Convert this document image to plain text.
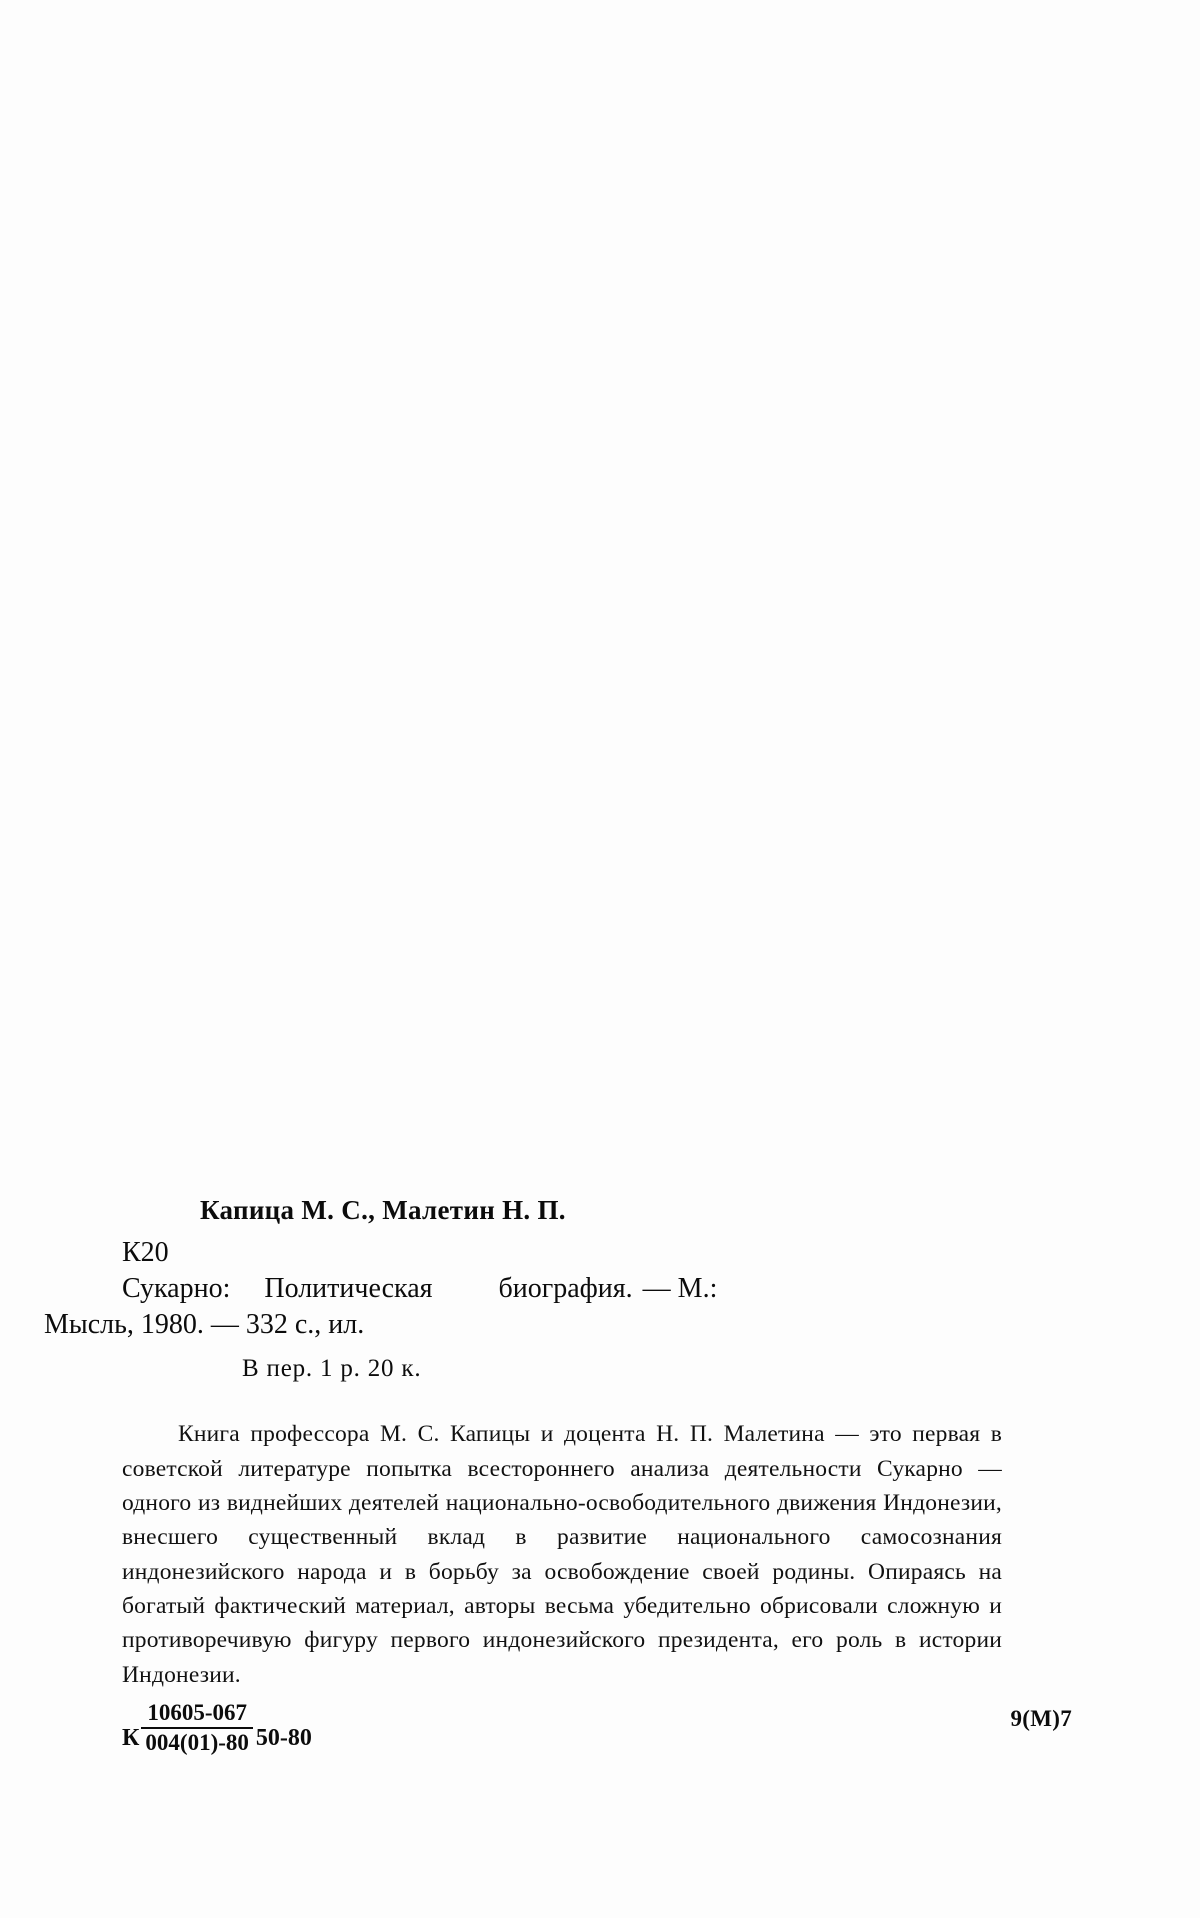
Капица М. С., Малетин Н. П.
К20
Сукарно: Политическая биография. — М.:
Мысль, 1980. — 332 с., ил.
В пер. 1 р. 20 к.
Книга профессора М. С. Капицы и доцента Н. П. Малетина — это первая в советской литературе попытка всестороннего анализа деятельности Сукарно — одного из виднейших деятелей национально-освободительного движения Индонезии, внесшего существенный вклад в развитие национального самосознания индонезийского народа и в борьбу за освобождение своей родины. Опираясь на богатый фактический материал, авторы весьма убедительно обрисовали сложную и противоречивую фигуру первого индонезийского президента, его роль в истории Индонезии.
К $\frac{10605-067}{004(01)-80} 50-80$
9(М)7
